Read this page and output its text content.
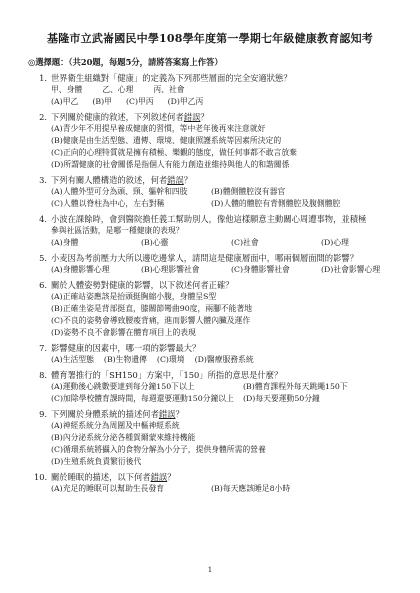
基隆市立武崙國民中學108學年度第一學期七年級健康教育認知考
◎選擇題：（共20題，每題5分，請將答案寫上作答）
1. 世界衛生組織對「健康」的定義為下列那些層面的完全安適狀態？
甲、身體	乙、心理	丙、社會
(A)甲乙 (B)甲 (C)甲丙 (D)甲乙丙
2. 下列關於健康的敘述，下列敘述何者錯誤？
(A)青少年不用提早養成健康的習慣，等中老年後再來注意就好
(B)健康是由生活型態、遺傳、環境、健康照護系統等因素所決定的
(C)正向的心理特質就是擁有積極、樂觀的態度，做任何事都不敢言放棄
(D)所謂健康的社會關係是指個人有能力創造並維持與他人的和諧關係
3. 下列有關人體構造的敘述，何者錯誤？
(A)人體外型可分為頭、頸、軀幹和四肢	(B)體側體腔沒有器官
(C)人體以脊柱為中心，左右對稱	(D)人體的體腔有背側體腔及腹側體腔
4. 小波在課餘時，會到醫院擔任義工幫助別人，像他這樣願意主動關心周遭事物，並積極
參與社區活動，是哪一種健康的表現？
(A)身體	(B)心靈	(C)社會	(D)心理
5. 小麦因為考前壓力大所以邊吃邊掌人，請問這是健康層面中，哪兩個層面間的影響？
(A)身體影響心理	(B)心理影響社會	(C)身體影響社會	(D)社會影響心理
6. 關於人體姿勢對健康的影響，以下敘述何者正確？
(A)正確站姿應該是抬頭挺胸縮小腹，身體呈S型
(B)正確坐姿是背部挺直，膝關節彎曲90度，兩腳不能著地
(C)不良的姿勢會導致腰痠背痛，進而影響人體內臟及運作
(D)姿勢不良不會影響在體育項目上的表現
7. 影響健康的因素中，哪一項的影響最大？
(A)生活型態 (B)生物遺傳 (C)環境 (D)醫療服務系統
8. 體育署推行的「SH150」方案中，「150」所指的意思是什麼？
(A)運動後心跳數要達到每分鐘150下以上	(B)體育課程外每天跳繩150下
(C)加除學校體育課時間，每週還要運動150分鐘以上	(D)每天要運動50分鐘
9. 下列關於身體系統的描述何者錯誤？
(A)神經系統分為周圍及中樞神經系統
(B)內分泌系統分泌各種賀爾蒙來維持機能
(C)循環系統將攝入的食物分解為小分子，提供身體所需的營養
(D)生殖系統負責繁衍後代
10. 關於睡眠的描述，以下何者錯誤？
(A)充足的睡眠可以幫助生長發育	(B)每天應該睡足8小時
1
